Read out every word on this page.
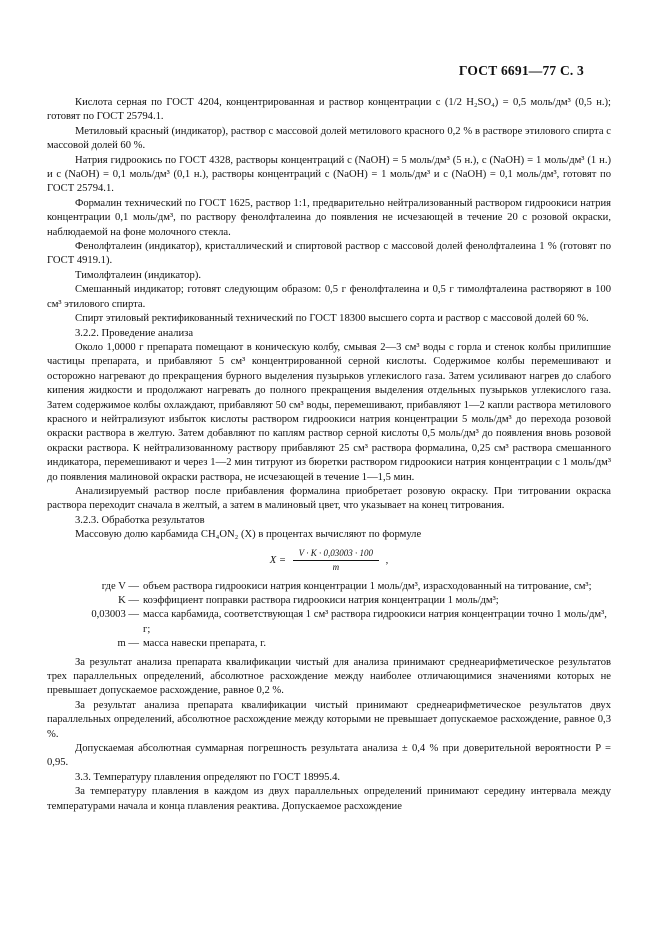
ГОСТ 6691—77 С. 3

Кислота серная по ГОСТ 4204, концентрированная и раствор концентрации c (1/2 H₂SO₄) = 0,5 моль/дм³ (0,5 н.); готовят по ГОСТ 25794.1.

Метиловый красный (индикатор), раствор с массовой долей метилового красного 0,2 % в растворе этилового спирта с массовой долей 60 %.

Натрия гидроокись по ГОСТ 4328, растворы концентраций c (NaOH) = 5 моль/дм³ (5 н.), c (NaOH) = 1 моль/дм³ (1 н.) и c (NaOH) = 0,1 моль/дм³ (0,1 н.), растворы концентраций c (NaOH) = 1 моль/дм³ и c (NaOH) = 0,1 моль/дм³, готовят по ГОСТ 25794.1.

Формалин технический по ГОСТ 1625, раствор 1:1, предварительно нейтрализованный раствором гидроокиси натрия концентрации 0,1 моль/дм³, по раствору фенолфталеина до появления не исчезающей в течение 20 с розовой окраски, наблюдаемой на фоне молочного стекла.

Фенолфталеин (индикатор), кристаллический и спиртовой раствор с массовой долей фенолфталеина 1 % (готовят по ГОСТ 4919.1).

Тимолфталеин (индикатор).

Смешанный индикатор; готовят следующим образом: 0,5 г фенолфталеина и 0,5 г тимолфталеина растворяют в 100 см³ этилового спирта.

Спирт этиловый ректификованный технический по ГОСТ 18300 высшего сорта и раствор с массовой долей 60 %.

3.2.2. Проведение анализа

Около 1,0000 г препарата помещают в коническую колбу, смывая 2—3 см³ воды с горла и стенок колбы прилипшие частицы препарата, и прибавляют 5 см³ концентрированной серной кислоты. Содержимое колбы перемешивают и осторожно нагревают до прекращения бурного выделения пузырьков углекислого газа. Затем усиливают нагрев до слабого кипения жидкости и продолжают нагревать до полного прекращения выделения отдельных пузырьков углекислого газа. Затем содержимое колбы охлаждают, прибавляют 50 см³ воды, перемешивают, прибавляют 1—2 капли раствора метилового красного и нейтрализуют избыток кислоты раствором гидроокиси натрия концентрации 5 моль/дм³ до перехода розовой окраски раствора в желтую. Затем добавляют по каплям раствор серной кислоты 0,5 моль/дм³ до появления вновь розовой окраски раствора. К нейтрализованному раствору прибавляют 25 см³ раствора формалина, 0,25 см³ раствора смешанного индикатора, перемешивают и через 1—2 мин титруют из бюретки раствором гидроокиси натрия концентрации с 1 моль/дм³ до появления малиновой окраски раствора, не исчезающей в течение 1—1,5 мин.

Анализируемый раствор после прибавления формалина приобретает розовую окраску. При титровании окраска раствора переходит сначала в желтый, а затем в малиновый цвет, что указывает на конец титрования.

3.2.3. Обработка результатов

Массовую долю карбамида CH₄ON₂ (X) в процентах вычисляют по формуле

$X = \frac{V \cdot K \cdot 0,03003 \cdot 100}{m}$ ,
где V — объем раствора гидроокиси натрия концентрации 1 моль/дм³, израсходованный на титрование, см³;
K — коэффициент поправки раствора гидроокиси натрия концентрации 1 моль/дм³;
0,03003 — масса карбамида, соответствующая 1 см³ раствора гидроокиси натрия концентрации точно 1 моль/дм³, г;
m — масса навески препарата, г.

За результат анализа препарата квалификации чистый для анализа принимают среднеарифметическое результатов трех параллельных определений, абсолютное расхождение между наиболее отличающимися значениями которых не превышает допускаемое расхождение, равное 0,2 %.

За результат анализа препарата квалификации чистый принимают среднеарифметическое результатов двух параллельных определений, абсолютное расхождение между которыми не превышает допускаемое расхождение, равное 0,3 %.

Допускаемая абсолютная суммарная погрешность результата анализа ± 0,4 % при доверительной вероятности P = 0,95.

3.3. Температуру плавления определяют по ГОСТ 18995.4.

За температуру плавления в каждом из двух параллельных определений принимают середину интервала между температурами начала и конца плавления реактива. Допускаемое расхождение
